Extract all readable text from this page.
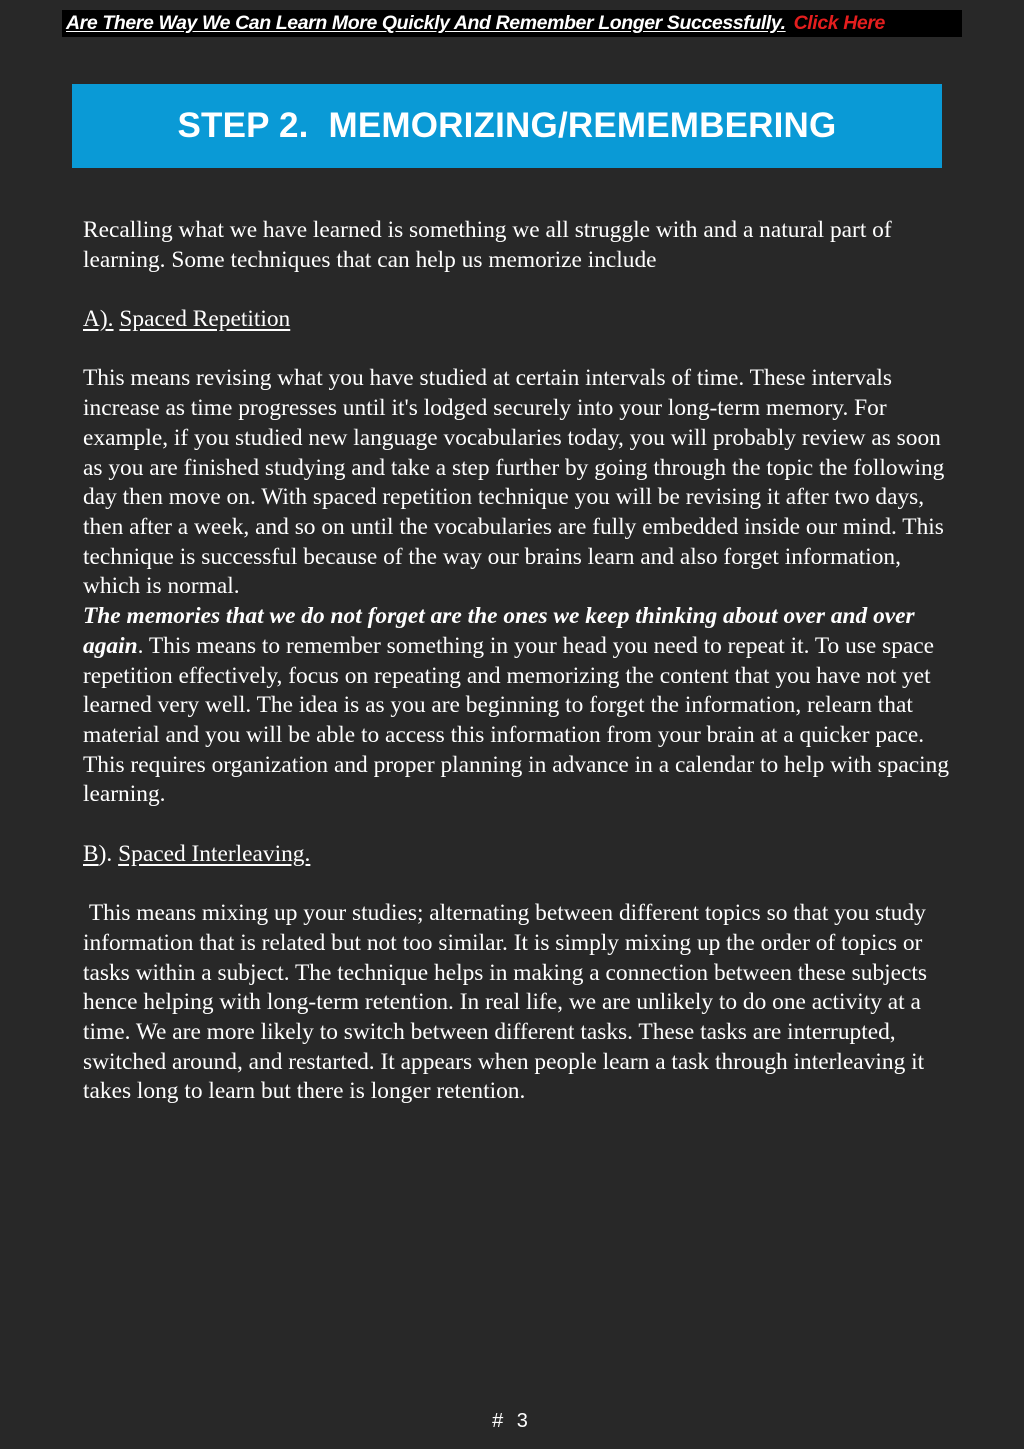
Are There Way We Can Learn More Quickly And Remember Longer Successfully. Click Here
STEP 2.  MEMORIZING/REMEMBERING

Recalling what we have learned is something we all struggle with and a natural part of learning. Some techniques that can help us memorize include

A). Spaced Repetition

This means revising what you have studied at certain intervals of time. These intervals increase as time progresses until it's lodged securely into your long-term memory. For example, if you studied new language vocabularies today, you will probably review as soon as you are finished studying and take a step further by going through the topic the following day then move on. With spaced repetition technique you will be revising it after two days, then after a week, and so on until the vocabularies are fully embedded inside our mind. This technique is successful because of the way our brains learn and also forget information, which is normal.
The memories that we do not forget are the ones we keep thinking about over and over again. This means to remember something in your head you need to repeat it. To use space repetition effectively, focus on repeating and memorizing the content that you have not yet learned very well. The idea is as you are beginning to forget the information, relearn that material and you will be able to access this information from your brain at a quicker pace. This requires organization and proper planning in advance in a calendar to help with spacing learning.

B). Spaced Interleaving.

This means mixing up your studies; alternating between different topics so that you study information that is related but not too similar. It is simply mixing up the order of topics or tasks within a subject. The technique helps in making a connection between these subjects hence helping with long-term retention. In real life, we are unlikely to do one activity at a time. We are more likely to switch between different tasks. These tasks are interrupted, switched around, and restarted. It appears when people learn a task through interleaving it takes long to learn but there is longer retention.

# 3
